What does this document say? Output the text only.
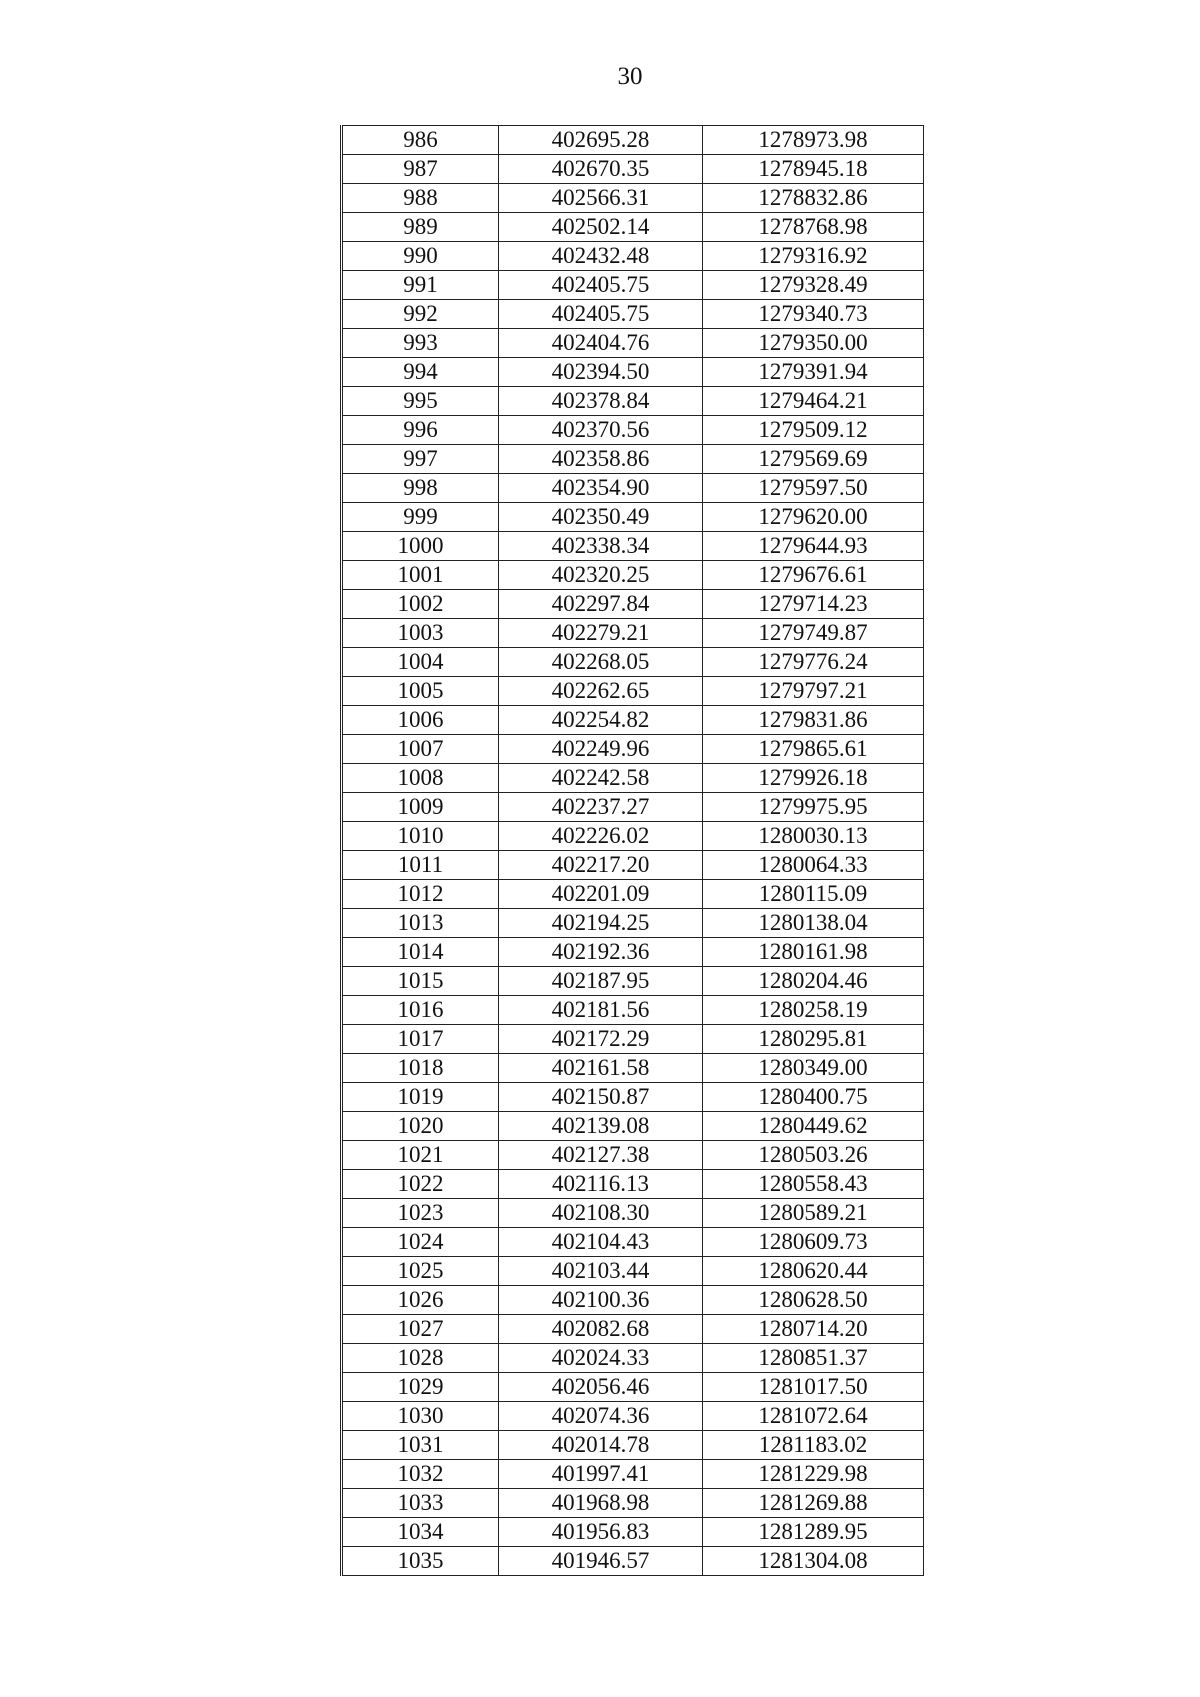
30
986	402695.28	1278973.98
987	402670.35	1278945.18
988	402566.31	1278832.86
989	402502.14	1278768.98
990	402432.48	1279316.92
991	402405.75	1279328.49
992	402405.75	1279340.73
993	402404.76	1279350.00
994	402394.50	1279391.94
995	402378.84	1279464.21
996	402370.56	1279509.12
997	402358.86	1279569.69
998	402354.90	1279597.50
999	402350.49	1279620.00
1000	402338.34	1279644.93
1001	402320.25	1279676.61
1002	402297.84	1279714.23
1003	402279.21	1279749.87
1004	402268.05	1279776.24
1005	402262.65	1279797.21
1006	402254.82	1279831.86
1007	402249.96	1279865.61
1008	402242.58	1279926.18
1009	402237.27	1279975.95
1010	402226.02	1280030.13
1011	402217.20	1280064.33
1012	402201.09	1280115.09
1013	402194.25	1280138.04
1014	402192.36	1280161.98
1015	402187.95	1280204.46
1016	402181.56	1280258.19
1017	402172.29	1280295.81
1018	402161.58	1280349.00
1019	402150.87	1280400.75
1020	402139.08	1280449.62
1021	402127.38	1280503.26
1022	402116.13	1280558.43
1023	402108.30	1280589.21
1024	402104.43	1280609.73
1025	402103.44	1280620.44
1026	402100.36	1280628.50
1027	402082.68	1280714.20
1028	402024.33	1280851.37
1029	402056.46	1281017.50
1030	402074.36	1281072.64
1031	402014.78	1281183.02
1032	401997.41	1281229.98
1033	401968.98	1281269.88
1034	401956.83	1281289.95
1035	401946.57	1281304.08
